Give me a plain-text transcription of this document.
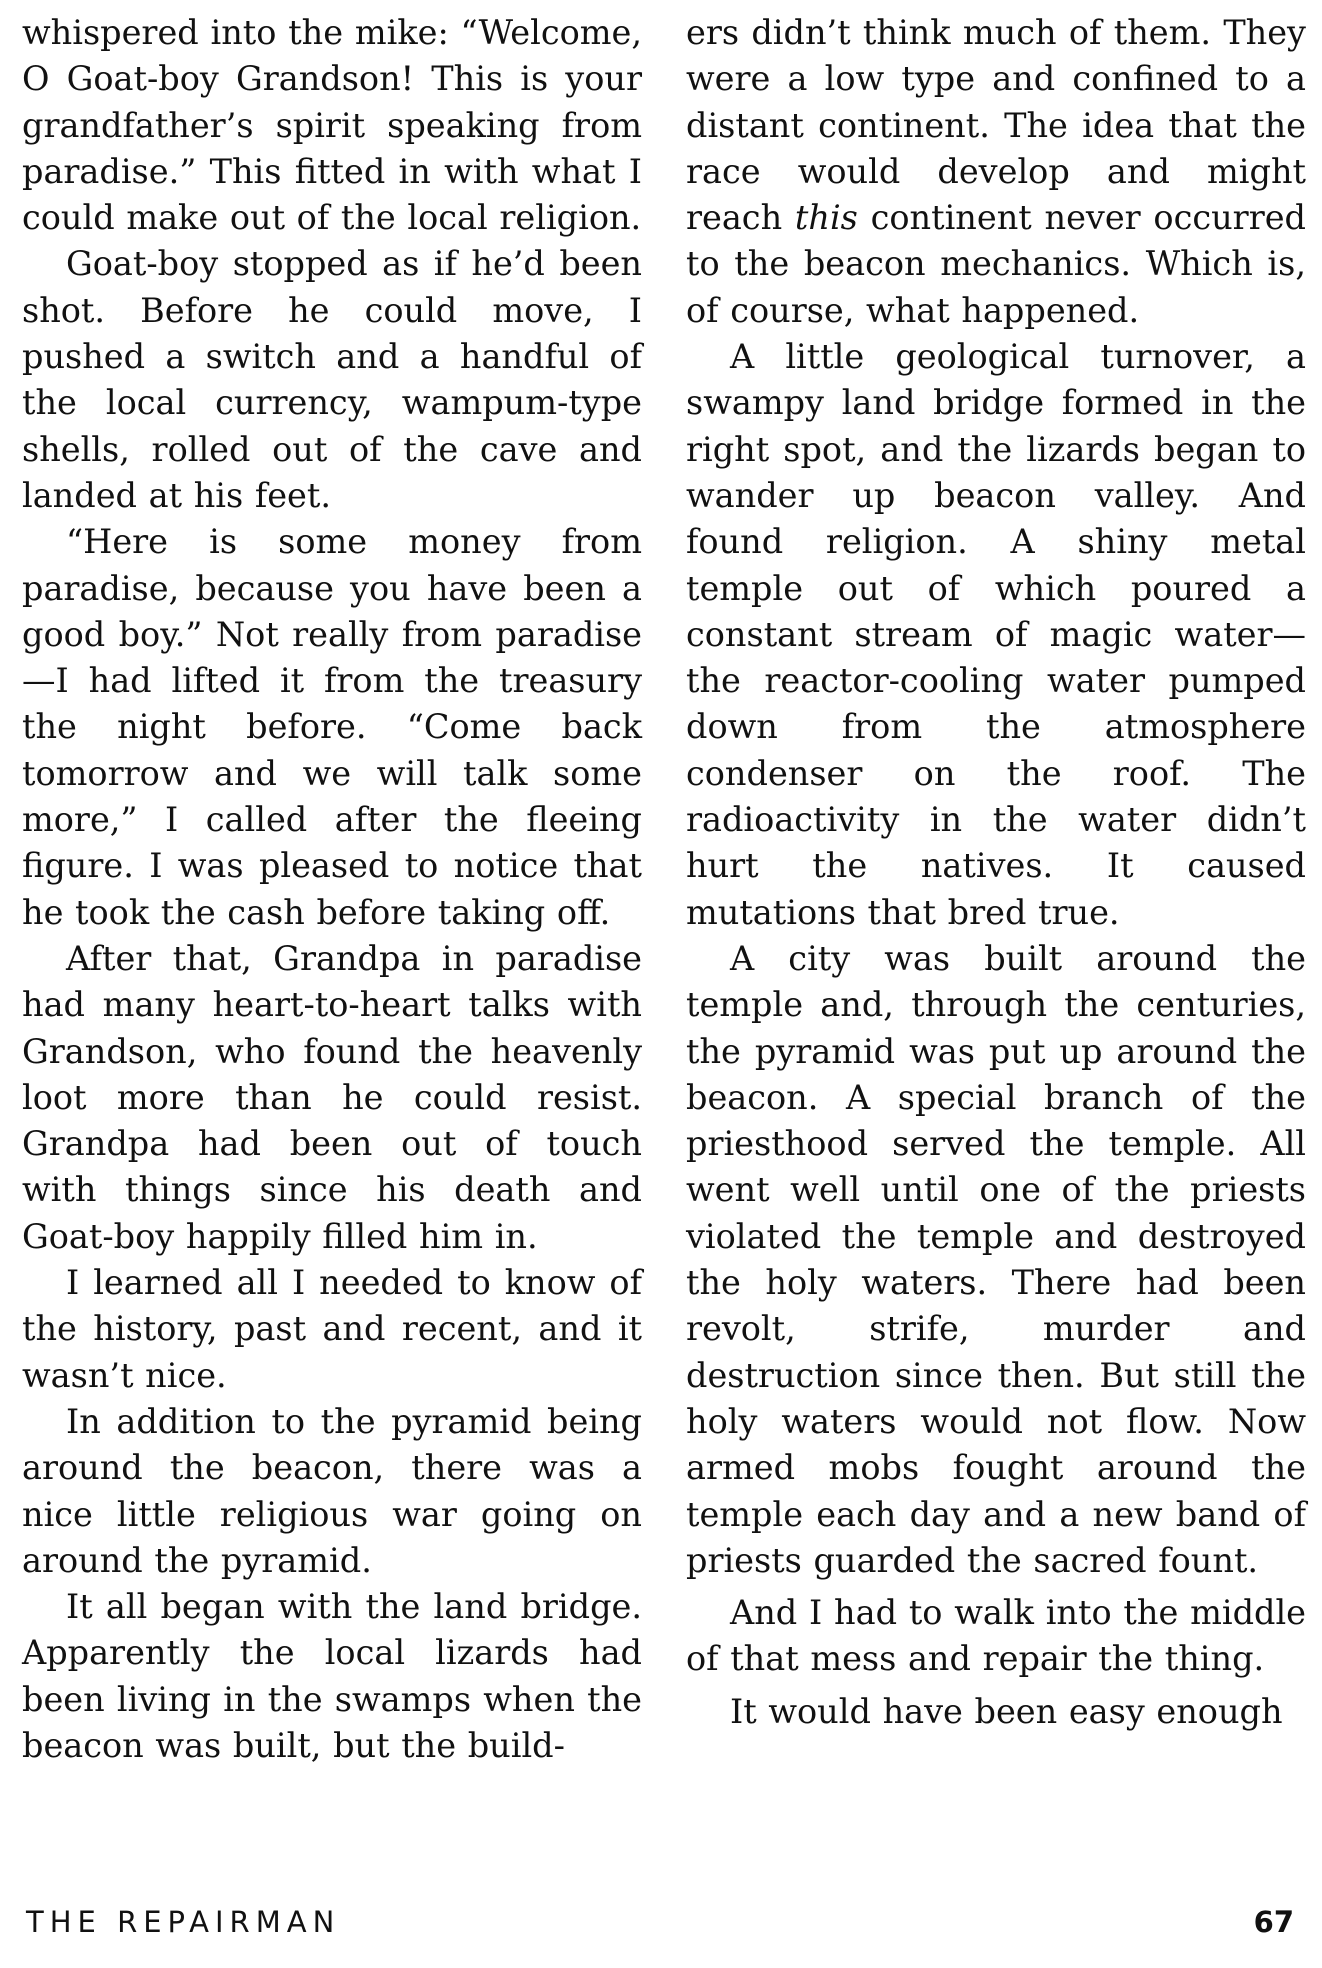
whispered into the mike: “Welcome, O Goat-boy Grandson! This is your grandfather’s spirit speaking from paradise.” This fitted in with what I could make out of the local religion.

Goat-boy stopped as if he’d been shot. Before he could move, I pushed a switch and a handful of the local currency, wampum-type shells, rolled out of the cave and landed at his feet.

“Here is some money from paradise, because you have been a good boy.” Not really from paradise—I had lifted it from the treasury the night before. “Come back tomorrow and we will talk some more,” I called after the fleeing figure. I was pleased to notice that he took the cash before taking off.

After that, Grandpa in paradise had many heart-to-heart talks with Grandson, who found the heavenly loot more than he could resist. Grandpa had been out of touch with things since his death and Goat-boy happily filled him in.

I learned all I needed to know of the history, past and recent, and it wasn’t nice.

In addition to the pyramid being around the beacon, there was a nice little religious war going on around the pyramid.

It all began with the land bridge. Apparently the local lizards had been living in the swamps when the beacon was built, but the build-

ers didn’t think much of them. They were a low type and confined to a distant continent. The idea that the race would develop and might reach this continent never occurred to the beacon mechanics. Which is, of course, what happened.

A little geological turnover, a swampy land bridge formed in the right spot, and the lizards began to wander up beacon valley. And found religion. A shiny metal temple out of which poured a constant stream of magic water—the reactor-cooling water pumped down from the atmosphere condenser on the roof. The radioactivity in the water didn’t hurt the natives. It caused mutations that bred true.

A city was built around the temple and, through the centuries, the pyramid was put up around the beacon. A special branch of the priesthood served the temple. All went well until one of the priests violated the temple and destroyed the holy waters. There had been revolt, strife, murder and destruction since then. But still the holy waters would not flow. Now armed mobs fought around the temple each day and a new band of priests guarded the sacred fount.

And I had to walk into the middle of that mess and repair the thing.

It would have been easy enough

THE REPAIRMAN	67
